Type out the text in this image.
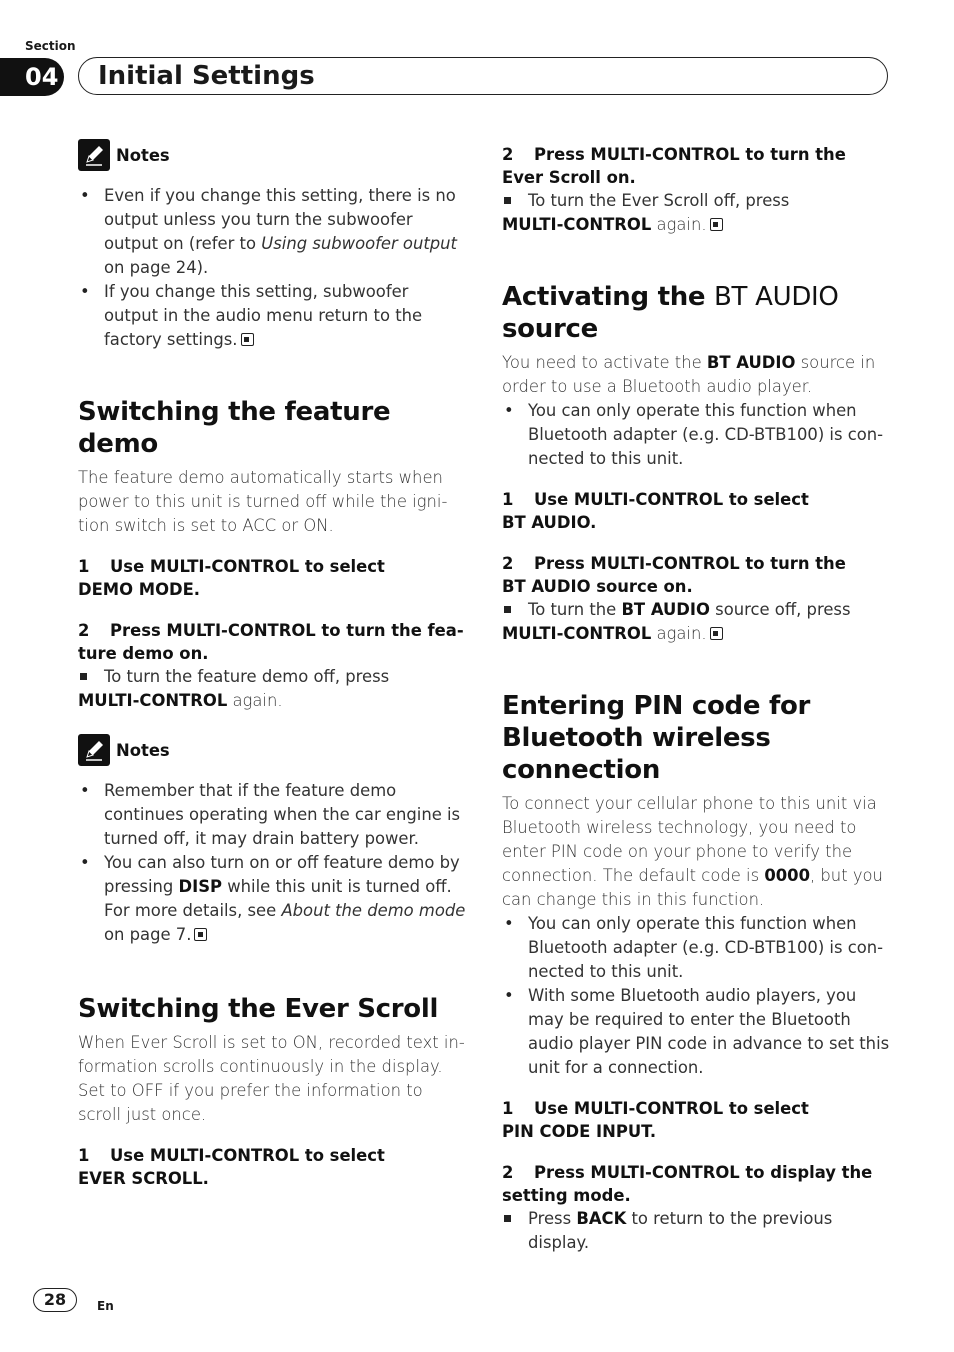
Section
04 Initial Settings
Notes
• Even if you change this setting, there is no output unless you turn the subwoofer output on (refer to Using subwoofer output on page 24).
• If you change this setting, subwoofer output in the audio menu return to the factory settings.
Switching the feature demo

The feature demo automatically starts when power to this unit is turned off while the igni-tion switch is set to ACC or ON.

1 Use MULTI-CONTROL to select
DEMO MODE.

2 Press MULTI-CONTROL to turn the fea-ture demo on.

To turn the feature demo off, press
MULTI-CONTROL again.
Notes
• Remember that if the feature demo continues operating when the car engine is turned off, it may drain battery power.
• You can also turn on or off feature demo by pressing DISP while this unit is turned off. For more details, see About the demo mode on page 7.
Switching the Ever Scroll

When Ever Scroll is set to ON, recorded text in-formation scrolls continuously in the display. Set to OFF if you prefer the information to scroll just once.

1 Use MULTI-CONTROL to select
EVER SCROLL.

2 Press MULTI-CONTROL to turn the Ever Scroll on.

To turn the Ever Scroll off, press
MULTI-CONTROL again.
Activating the BT AUDIO source

You need to activate the BT AUDIO source in order to use a Bluetooth audio player.

• You can only operate this function when Bluetooth adapter (e.g. CD-BTB100) is con-nected to this unit.

1 Use MULTI-CONTROL to select
BT AUDIO.

2 Press MULTI-CONTROL to turn the
BT AUDIO source on.

To turn the BT AUDIO source off, press
MULTI-CONTROL again.
Entering PIN code for
Bluetooth wireless connection

To connect your cellular phone to this unit via Bluetooth wireless technology, you need to enter PIN code on your phone to verify the connection. The default code is 0000, but you can change this in this function.

• You can only operate this function when Bluetooth adapter (e.g. CD-BTB100) is con-nected to this unit.
• With some Bluetooth audio players, you may be required to enter the Bluetooth audio player PIN code in advance to set this unit for a connection.

1 Use MULTI-CONTROL to select
PIN CODE INPUT.

2 Press MULTI-CONTROL to display the setting mode.

Press BACK to return to the previous display.
28	En
